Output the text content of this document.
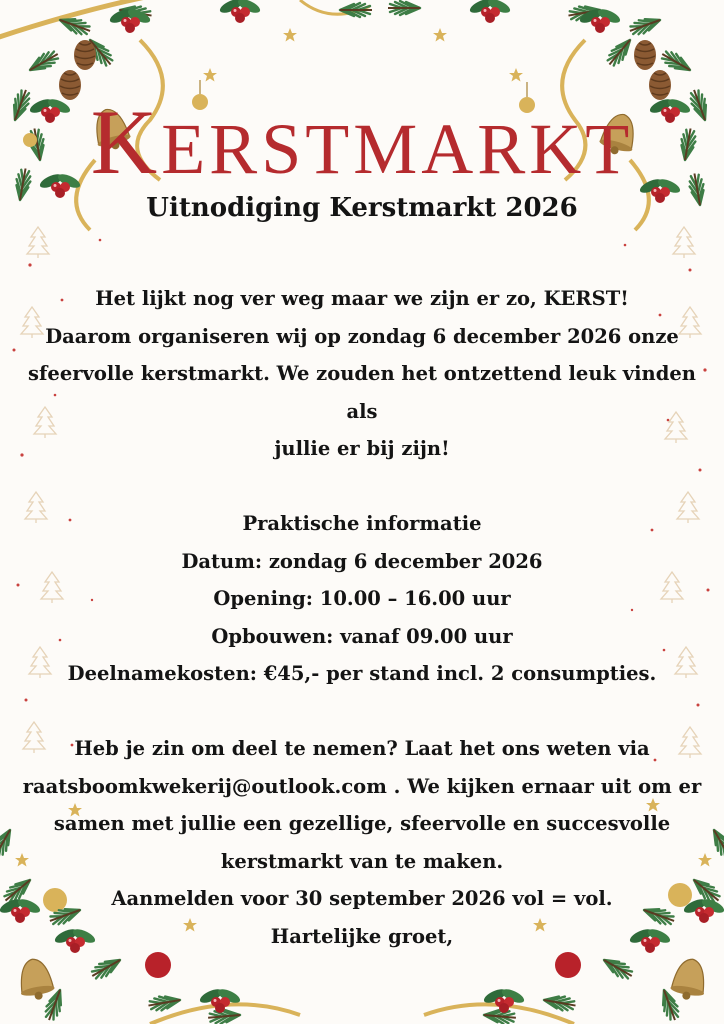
KERSTMARKT
Uitnodiging Kerstmarkt 2026

Het lijkt nog ver weg maar we zijn er zo, KERST!

Daarom organiseren wij op zondag 6 december 2026 onze

sfeervolle kerstmarkt. We zouden het ontzettend leuk vinden als

jullie er bij zijn!

Praktische informatie

Datum: zondag 6 december 2026

Opening: 10.00 – 16.00 uur

Opbouwen: vanaf 09.00 uur

Deelnamekosten: €45,- per stand incl. 2 consumpties.

Heb je zin om deel te nemen? Laat het ons weten via

raatsboomkwekerij@outlook.com . We kijken ernaar uit om er

samen met jullie een gezellige, sfeervolle en succesvolle

kerstmarkt van te maken.

Aanmelden voor 30 september 2026 vol = vol.

Hartelijke groet,
